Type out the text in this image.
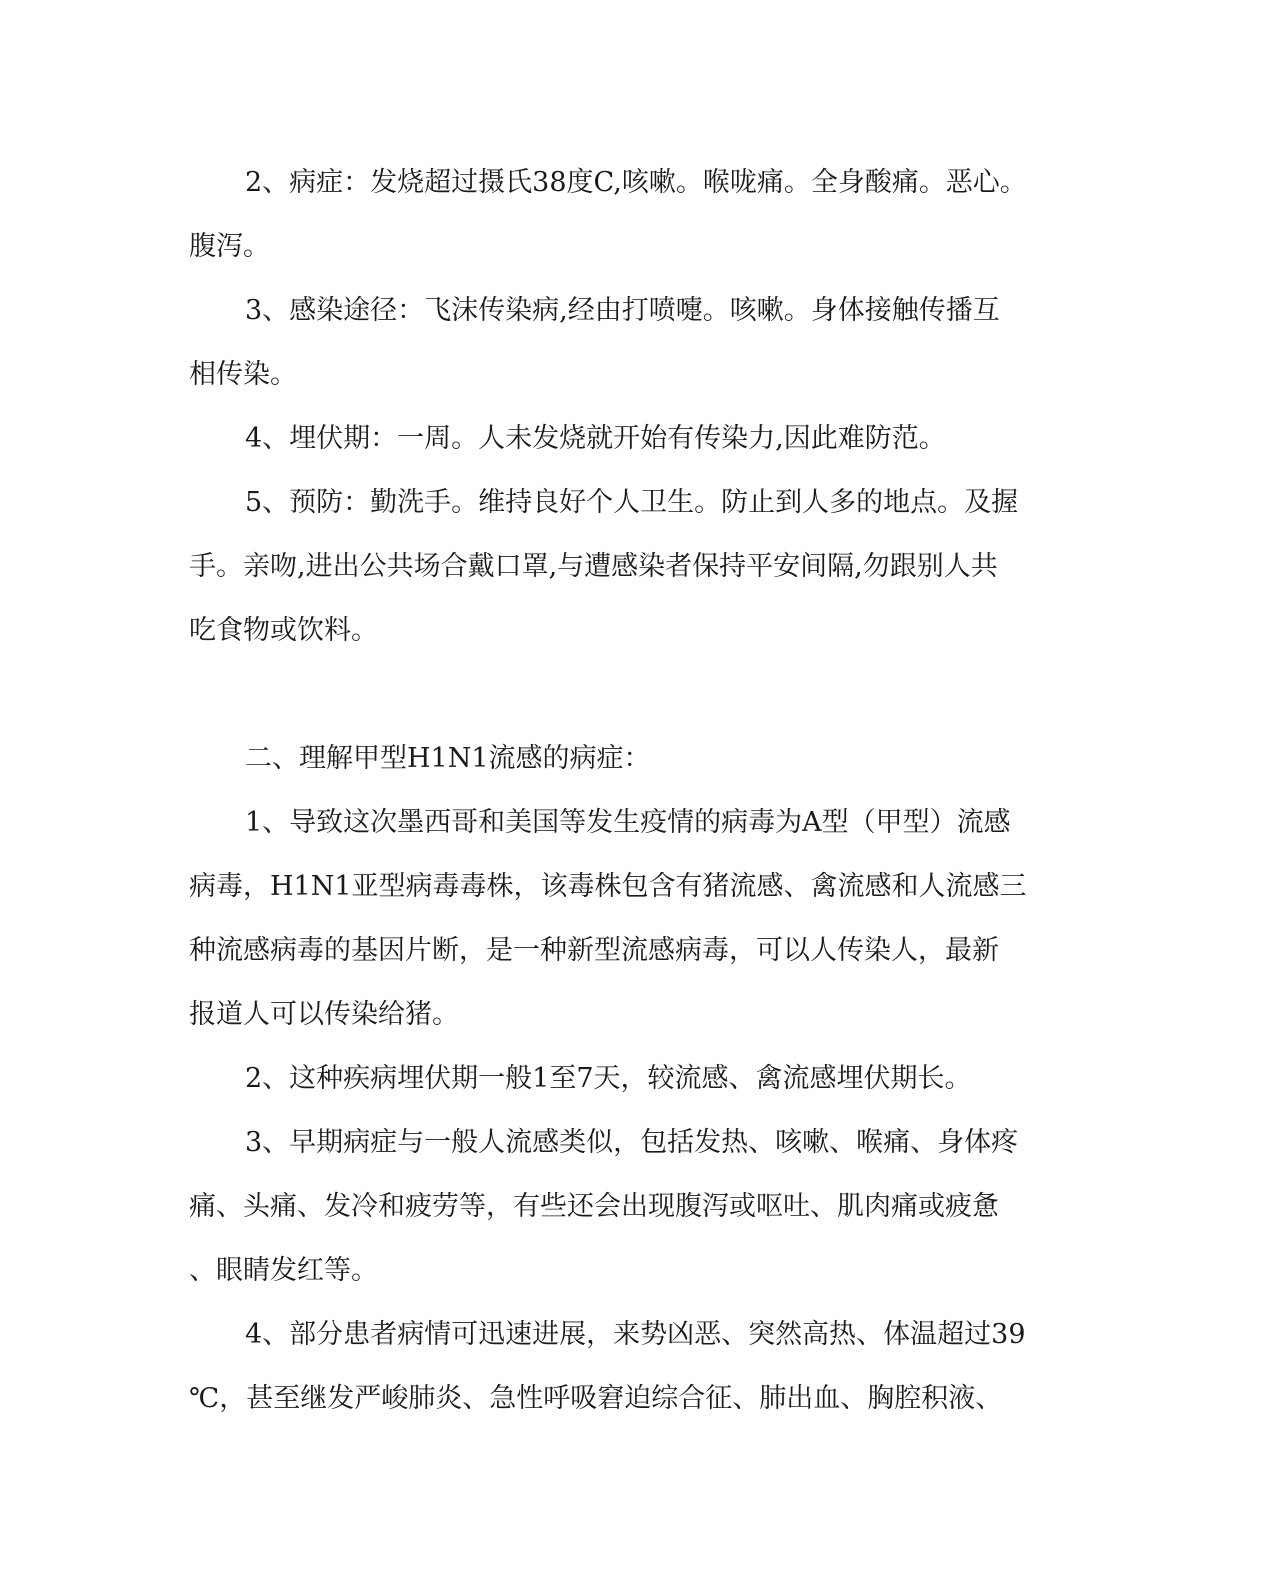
2、病症：发烧超过摄氏38度C,咳嗽。喉咙痛。全身酸痛。恶心。

腹泻。

3、感染途径：飞沫传染病,经由打喷嚏。咳嗽。身体接触传播互

相传染。

4、埋伏期：一周。人未发烧就开始有传染力,因此难防范。

5、预防：勤洗手。维持良好个人卫生。防止到人多的地点。及握

手。亲吻,进出公共场合戴口罩,与遭感染者保持平安间隔,勿跟别人共

吃食物或饮料。

二、理解甲型H1N1流感的病症：

1、导致这次墨西哥和美国等发生疫情的病毒为A型（甲型）流感

病毒，H1N1亚型病毒毒株，该毒株包含有猪流感、禽流感和人流感三

种流感病毒的基因片断，是一种新型流感病毒，可以人传染人，最新

报道人可以传染给猪。

2、这种疾病埋伏期一般1至7天，较流感、禽流感埋伏期长。

3、早期病症与一般人流感类似，包括发热、咳嗽、喉痛、身体疼

痛、头痛、发冷和疲劳等，有些还会出现腹泻或呕吐、肌肉痛或疲惫

、眼睛发红等。

4、部分患者病情可迅速进展，来势凶恶、突然高热、体温超过39

℃，甚至继发严峻肺炎、急性呼吸窘迫综合征、肺出血、胸腔积液、
